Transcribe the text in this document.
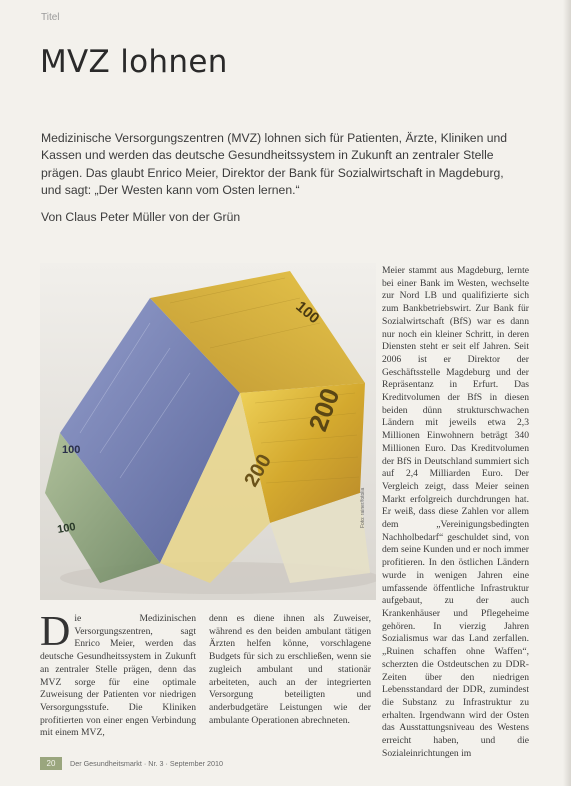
Titel
MVZ lohnen
Medizinische Versorgungszentren (MVZ) lohnen sich für Patienten, Ärzte, Kliniken und Kassen und werden das deutsche Gesundheitssystem in Zukunft an zentraler Stelle prägen. Das glaubt Enrico Meier, Direktor der Bank für Sozialwirtschaft in Magdeburg, und sagt: „Der Westen kann vom Osten lernen.“
Von Claus Peter Müller von der Grün
100
200
200
100
100
Foto: rainer/fotolia
Meier stammt aus Magdeburg, lernte bei einer Bank im Westen, wechselte zur Nord LB und qualifizierte sich zum Bankbetriebswirt. Zur Bank für Sozialwirtschaft (BfS) war es dann nur noch ein kleiner Schritt, in deren Diensten steht er seit elf Jahren. Seit 2006 ist er Direktor der Geschäftsstelle Magdeburg und der Repräsentanz in Erfurt. Das Kreditvolumen der BfS in diesen beiden dünn strukturschwachen Ländern mit jeweils etwa 2,3 Millionen Einwohnern beträgt 340 Millionen Euro. Das Kreditvolumen der BfS in Deutschland summiert sich auf 2,4 Milliarden Euro. Der Vergleich zeigt, dass Meier seinen Markt erfolgreich durchdrungen hat. Er weiß, dass diese Zahlen vor allem dem „Vereinigungsbedingten Nachholbedarf“ geschuldet sind, von dem seine Kunden und er noch immer profitieren. In den östlichen Ländern wurde in wenigen Jahren eine umfassende öffentliche Infrastruktur aufgebaut, zu der auch Krankenhäuser und Pflegeheime gehören. In vierzig Jahren Sozialismus war das Land zerfallen. „Ruinen schaffen ohne Waffen“, scherzten die Ostdeutschen zu DDR-Zeiten über den niedrigen Lebensstandard der DDR, zumindest die Substanz zu Infrastruktur zu erhalten. Irgendwann wird der Osten das Ausstattungsniveau des Westens erreicht haben, und die Sozialeinrichtungen im
Die Medizinischen Versorgungszentren, sagt Enrico Meier, werden das deutsche Gesundheitssystem in Zukunft an zentraler Stelle prägen, denn das MVZ sorge für eine optimale Zuweisung der Patienten vor niedrigen Versorgungsstufe. Die Kliniken profitierten von einer engen Verbindung mit einem MVZ,
denn es diene ihnen als Zuweiser, während es den beiden ambulant tätigen Ärzten helfen könne, vorschlagene Budgets für sich zu erschließen, wenn sie zugleich ambulant und stationär arbeiteten, auch an der integrierten Versorgung beteiligten und anderbudgetäre Leistungen wie der ambulante Operationen abrechneten.
20	Der Gesundheitsmarkt · Nr. 3 · September 2010
